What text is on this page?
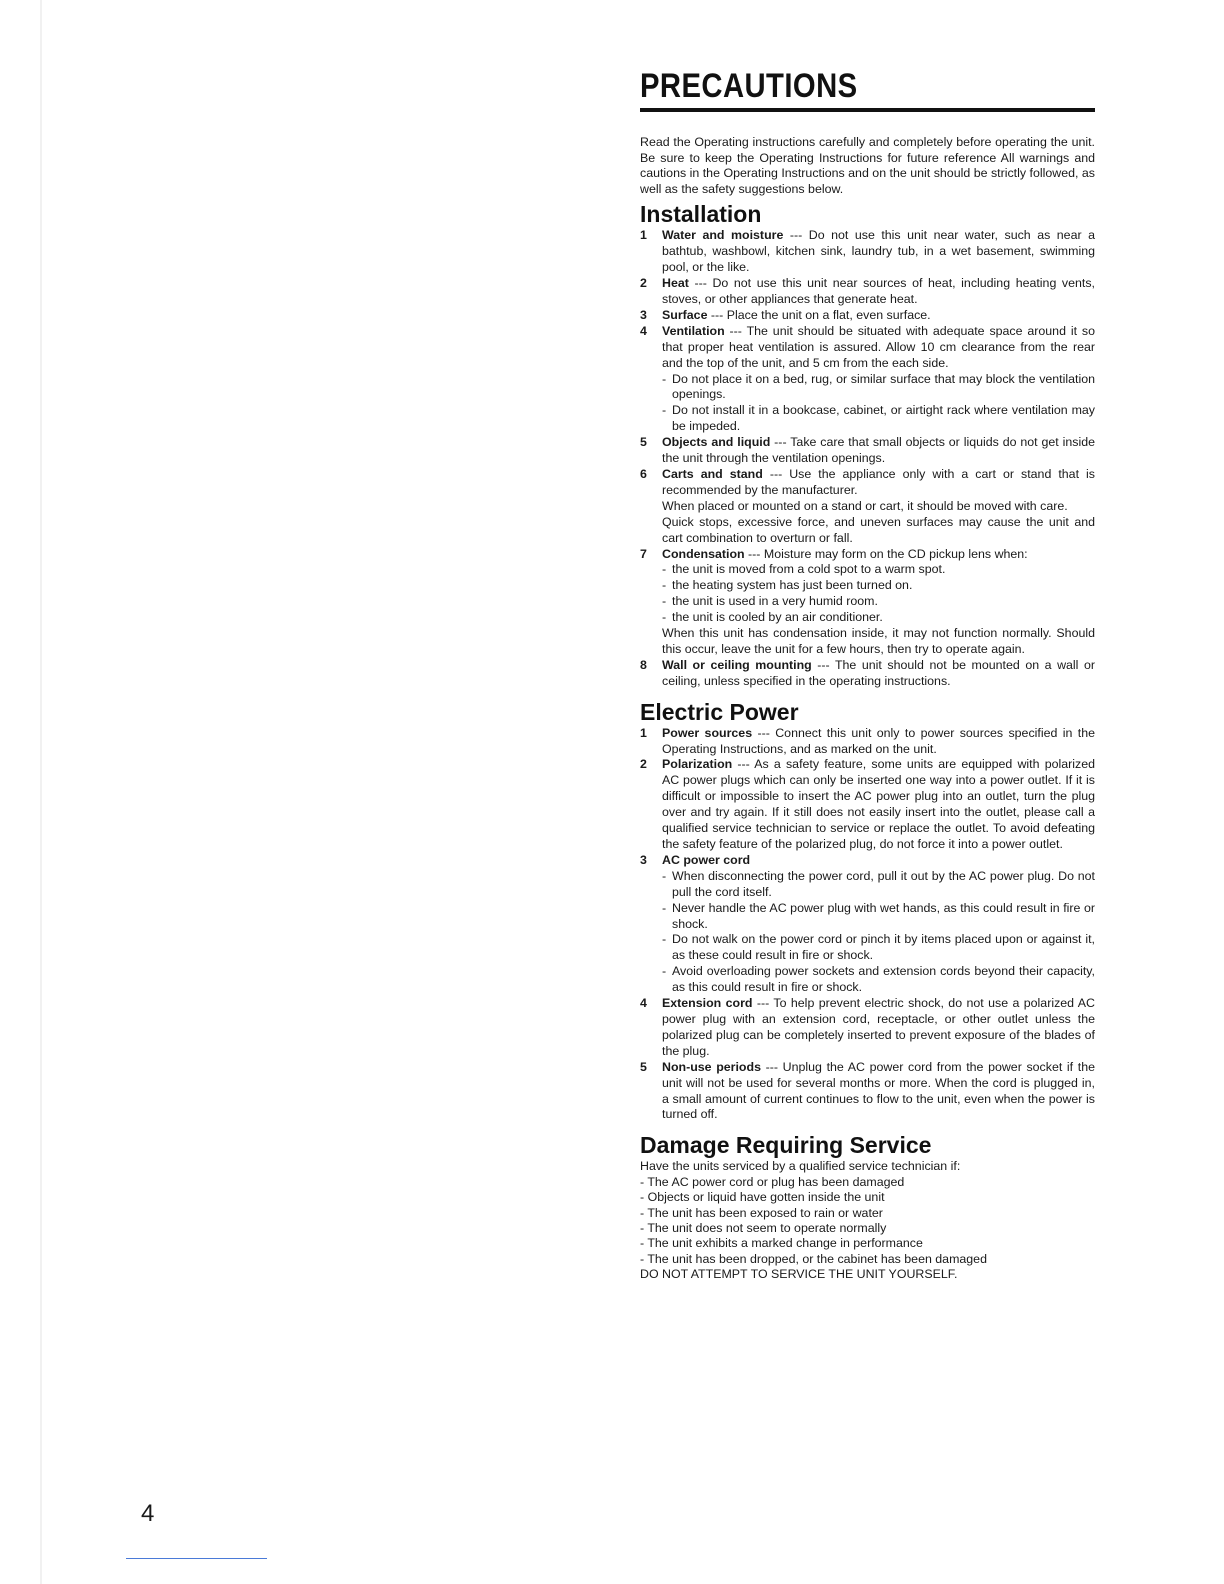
PRECAUTIONS

Read the Operating instructions carefully and completely before operating the unit. Be sure to keep the Operating Instructions for future reference All warnings and cautions in the Operating Instructions and on the unit should be strictly followed, as well as the safety suggestions below.

Installation
1 Water and moisture --- Do not use this unit near water, such as near a bathtub, washbowl, kitchen sink, laundry tub, in a wet basement, swimming pool, or the like.

2 Heat --- Do not use this unit near sources of heat, including heating vents, stoves, or other appliances that generate heat.

3 Surface --- Place the unit on a flat, even surface.

4 Ventilation --- The unit should be situated with adequate space around it so that proper heat ventilation is assured. Allow 10 cm clearance from the rear and the top of the unit, and 5 cm from the each side.

- Do not place it on a bed, rug, or similar surface that may block the ventilation openings.

- Do not install it in a bookcase, cabinet, or airtight rack where ventilation may be impeded.

5 Objects and liquid --- Take care that small objects or liquids do not get inside the unit through the ventilation openings.

6 Carts and stand --- Use the appliance only with a cart or stand that is recommended by the manufacturer.

When placed or mounted on a stand or cart, it should be moved with care.

Quick stops, excessive force, and uneven surfaces may cause the unit and cart combination to overturn or fall.

7 Condensation --- Moisture may form on the CD pickup lens when:

- the unit is moved from a cold spot to a warm spot.

- the heating system has just been turned on.

- the unit is used in a very humid room.

- the unit is cooled by an air conditioner.

When this unit has condensation inside, it may not function normally. Should this occur, leave the unit for a few hours, then try to operate again.

8 Wall or ceiling mounting --- The unit should not be mounted on a wall or ceiling, unless specified in the operating instructions.

Electric Power
1 Power sources --- Connect this unit only to power sources specified in the Operating Instructions, and as marked on the unit.

2 Polarization --- As a safety feature, some units are equipped with polarized AC power plugs which can only be inserted one way into a power outlet. If it is difficult or impossible to insert the AC power plug into an outlet, turn the plug over and try again. If it still does not easily insert into the outlet, please call a qualified service technician to service or replace the outlet. To avoid defeating the safety feature of the polarized plug, do not force it into a power outlet.

3 AC power cord

- When disconnecting the power cord, pull it out by the AC power plug. Do not pull the cord itself.

- Never handle the AC power plug with wet hands, as this could result in fire or shock.

- Do not walk on the power cord or pinch it by items placed upon or against it, as these could result in fire or shock.

- Avoid overloading power sockets and extension cords beyond their capacity, as this could result in fire or shock.

4 Extension cord --- To help prevent electric shock, do not use a polarized AC power plug with an extension cord, receptacle, or other outlet unless the polarized plug can be completely inserted to prevent exposure of the blades of the plug.

5 Non-use periods --- Unplug the AC power cord from the power socket if the unit will not be used for several months or more. When the cord is plugged in, a small amount of current continues to flow to the unit, even when the power is turned off.

Damage Requiring Service

Have the units serviced by a qualified service technician if:

- The AC power cord or plug has been damaged
- Objects or liquid have gotten inside the unit
- The unit has been exposed to rain or water
- The unit does not seem to operate normally
- The unit exhibits a marked change in performance
- The unit has been dropped, or the cabinet has been damaged

DO NOT ATTEMPT TO SERVICE THE UNIT YOURSELF.

4
